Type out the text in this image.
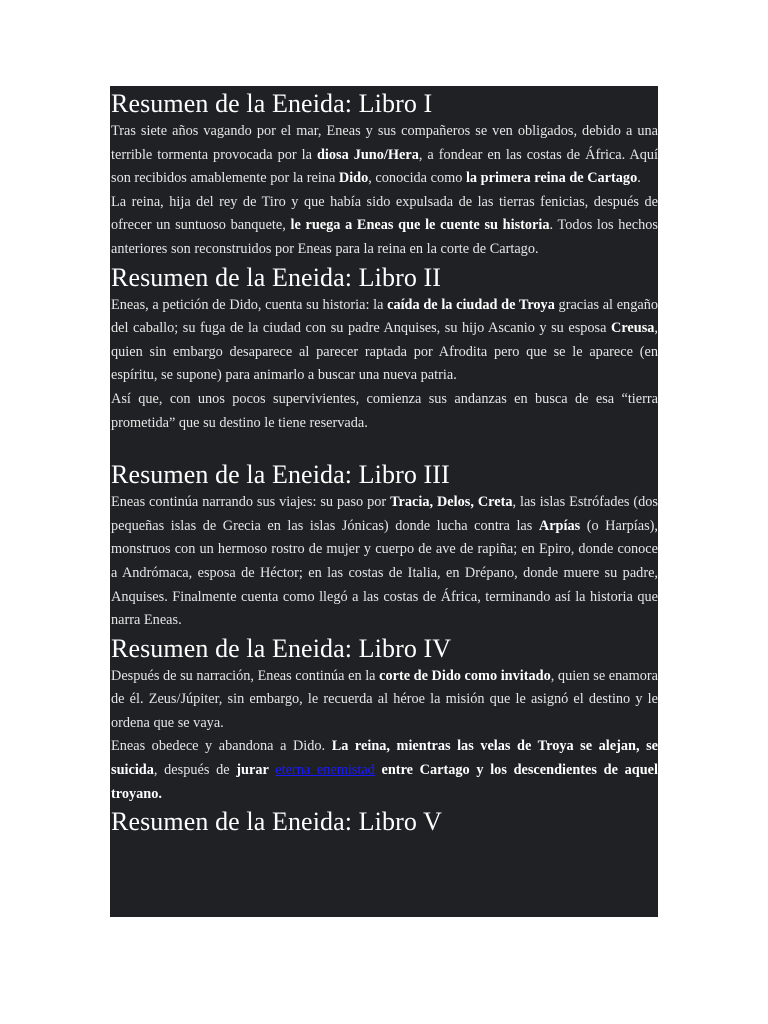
Resumen de la Eneida: Libro I

Tras siete años vagando por el mar, Eneas y sus compañeros se ven obligados, debido a una terrible tormenta provocada por la diosa Juno/Hera, a fondear en las costas de África. Aquí son recibidos amablemente por la reina Dido, conocida como la primera reina de Cartago.

La reina, hija del rey de Tiro y que había sido expulsada de las tierras fenicias, después de ofrecer un suntuoso banquete, le ruega a Eneas que le cuente su historia. Todos los hechos anteriores son reconstruidos por Eneas para la reina en la corte de Cartago.

Resumen de la Eneida: Libro II

Eneas, a petición de Dido, cuenta su historia: la caída de la ciudad de Troya gracias al engaño del caballo; su fuga de la ciudad con su padre Anquises, su hijo Ascanio y su esposa Creusa, quien sin embargo desaparece al parecer raptada por Afrodita pero que se le aparece (en espíritu, se supone) para animarlo a buscar una nueva patria.

Así que, con unos pocos supervivientes, comienza sus andanzas en busca de esa “tierra prometida” que su destino le tiene reservada.

Resumen de la Eneida: Libro III

Eneas continúa narrando sus viajes: su paso por Tracia, Delos, Creta, las islas Estrófades (dos pequeñas islas de Grecia en las islas Jónicas) donde lucha contra las Arpías (o Harpías), monstruos con un hermoso rostro de mujer y cuerpo de ave de rapiña; en Epiro, donde conoce a Andrómaca, esposa de Héctor; en las costas de Italia, en Drépano, donde muere su padre, Anquises. Finalmente cuenta como llegó a las costas de África, terminando así la historia que narra Eneas.

Resumen de la Eneida: Libro IV

Después de su narración, Eneas continúa en la corte de Dido como invitado, quien se enamora de él. Zeus/Júpiter, sin embargo, le recuerda al héroe la misión que le asignó el destino y le ordena que se vaya.

Eneas obedece y abandona a Dido. La reina, mientras las velas de Troya se alejan, se suicida, después de jurar eterna enemistad entre Cartago y los descendientes de aquel troyano.

Resumen de la Eneida: Libro V
